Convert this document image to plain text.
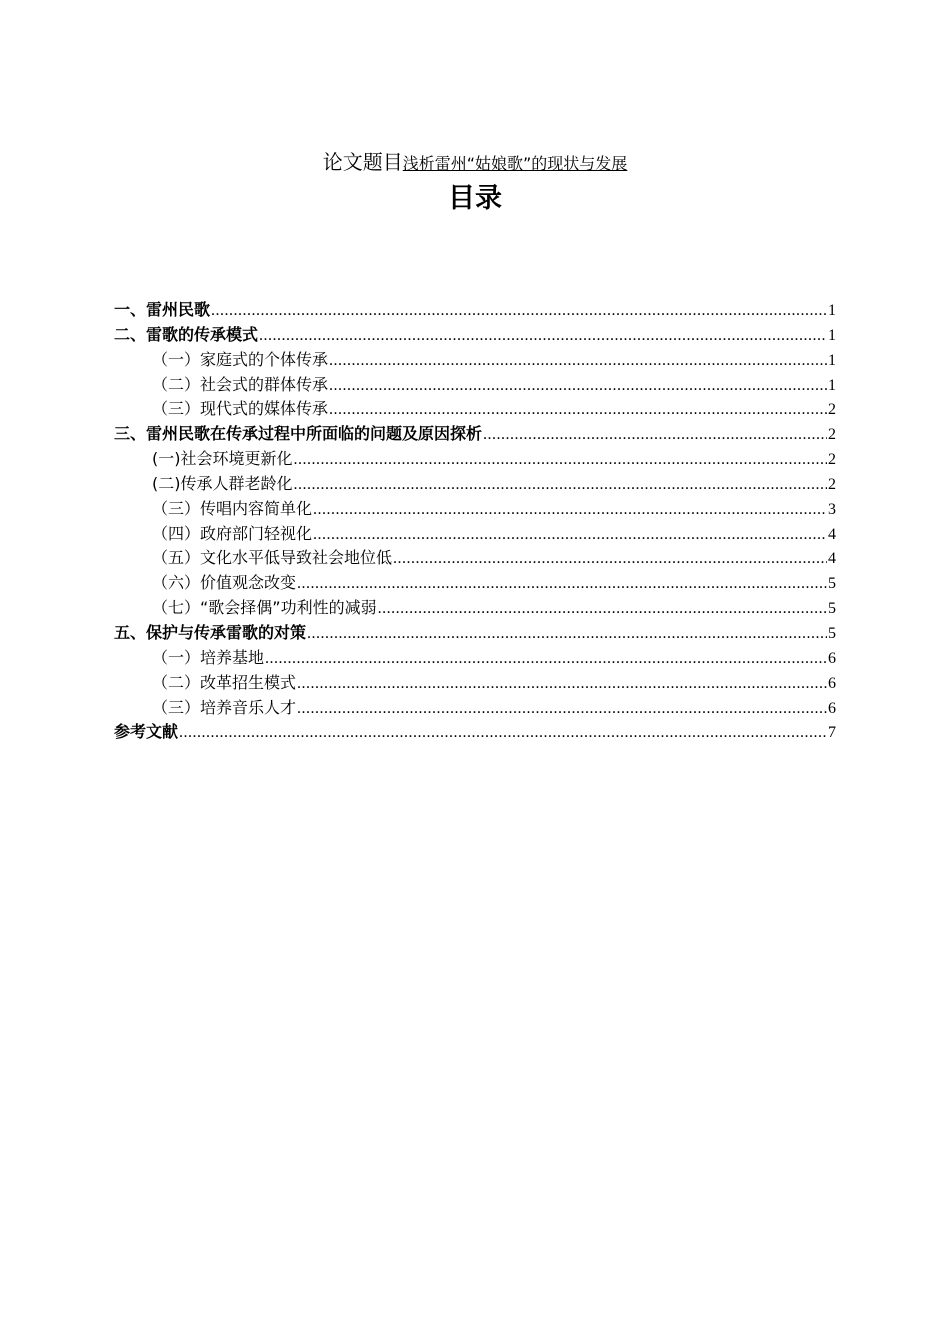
论文题目浅析雷州“姑娘歌”的现状与发展
目录
一、雷州民歌 .....	1
二、雷歌的传承模式 .....	1
（一）家庭式的个体传承 .....	1
（二）社会式的群体传承 .....	1
（三）现代式的媒体传承 .....	2
三、雷州民歌在传承过程中所面临的问题及原因探析 .....	2
(一)社会环境更新化 .....	2
(二)传承人群老龄化 .....	2
（三）传唱内容简单化 .....	3
（四）政府部门轻视化 .....	4
（五）文化水平低导致社会地位低 .....	4
（六）价值观念改变 .....	5
（七）“歌会择偶”功利性的减弱 .....	5
五、保护与传承雷歌的对策 .....	5
（一）培养基地 .....	6
（二）改革招生模式 .....	6
（三）培养音乐人才 .....	6
参考文献 .....	7
